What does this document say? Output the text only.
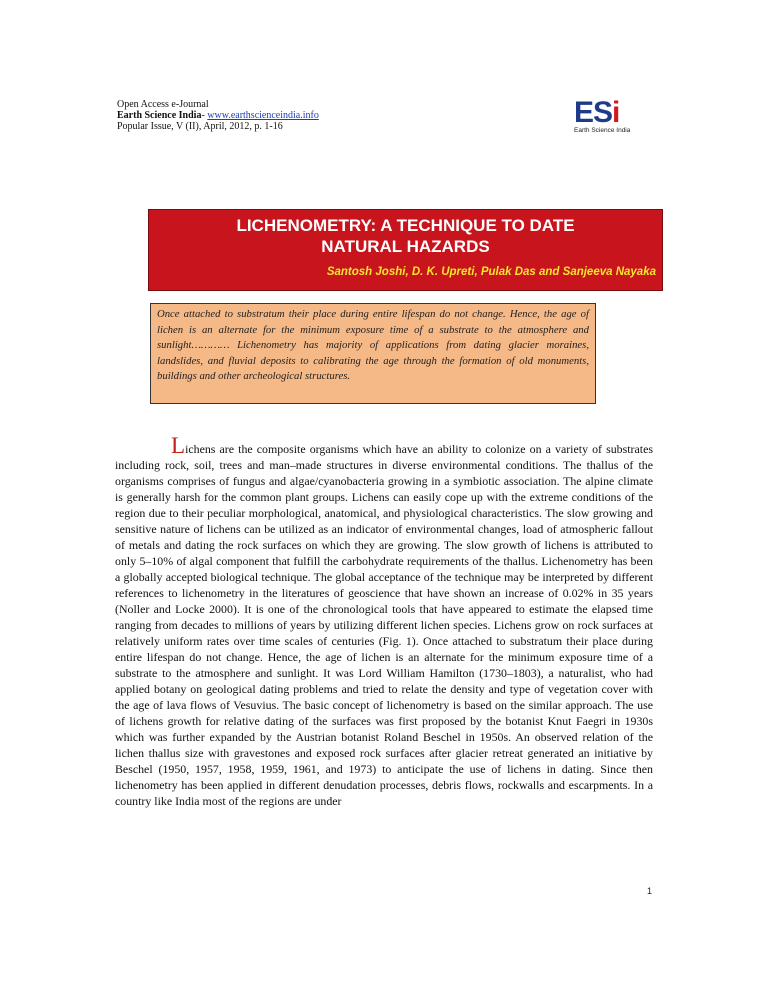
Open Access e-Journal
Earth Science India- www.earthscienceindia.info
Popular Issue, V (II), April, 2012, p. 1-16	ESi
Earth Science India
LICHENOMETRY: A TECHNIQUE TO DATE NATURAL HAZARDS
Santosh Joshi, D. K. Upreti, Pulak Das and Sanjeeva Nayaka
Once attached to substratum their place during entire lifespan do not change. Hence, the age of lichen is an alternate for the minimum exposure time of a substrate to the atmosphere and sunlight………… Lichenometry has majority of applications from dating glacier moraines, landslides, and fluvial deposits to calibrating the age through the formation of old monuments, buildings and other archeological structures.
Lichens are the composite organisms which have an ability to colonize on a variety of substrates including rock, soil, trees and man–made structures in diverse environmental conditions. The thallus of the organisms comprises of fungus and algae/cyanobacteria growing in a symbiotic association. The alpine climate is generally harsh for the common plant groups. Lichens can easily cope up with the extreme conditions of the region due to their peculiar morphological, anatomical, and physiological characteristics. The slow growing and sensitive nature of lichens can be utilized as an indicator of environmental changes, load of atmospheric fallout of metals and dating the rock surfaces on which they are growing. The slow growth of lichens is attributed to only 5–10% of algal component that fulfill the carbohydrate requirements of the thallus. Lichenometry has been a globally accepted biological technique. The global acceptance of the technique may be interpreted by different references to lichenometry in the literatures of geoscience that have shown an increase of 0.02% in 35 years (Noller and Locke 2000). It is one of the chronological tools that have appeared to estimate the elapsed time ranging from decades to millions of years by utilizing different lichen species. Lichens grow on rock surfaces at relatively uniform rates over time scales of centuries (Fig. 1). Once attached to substratum their place during entire lifespan do not change. Hence, the age of lichen is an alternate for the minimum exposure time of a substrate to the atmosphere and sunlight. It was Lord William Hamilton (1730–1803), a naturalist, who had applied botany on geological dating problems and tried to relate the density and type of vegetation cover with the age of lava flows of Vesuvius. The basic concept of lichenometry is based on the similar approach. The use of lichens growth for relative dating of the surfaces was first proposed by the botanist Knut Faegri in 1930s which was further expanded by the Austrian botanist Roland Beschel in 1950s. An observed relation of the lichen thallus size with gravestones and exposed rock surfaces after glacier retreat generated an initiative by Beschel (1950, 1957, 1958, 1959, 1961, and 1973) to anticipate the use of lichens in dating. Since then lichenometry has been applied in different denudation processes, debris flows, rockwalls and escarpments. In a country like India most of the regions are under
1
